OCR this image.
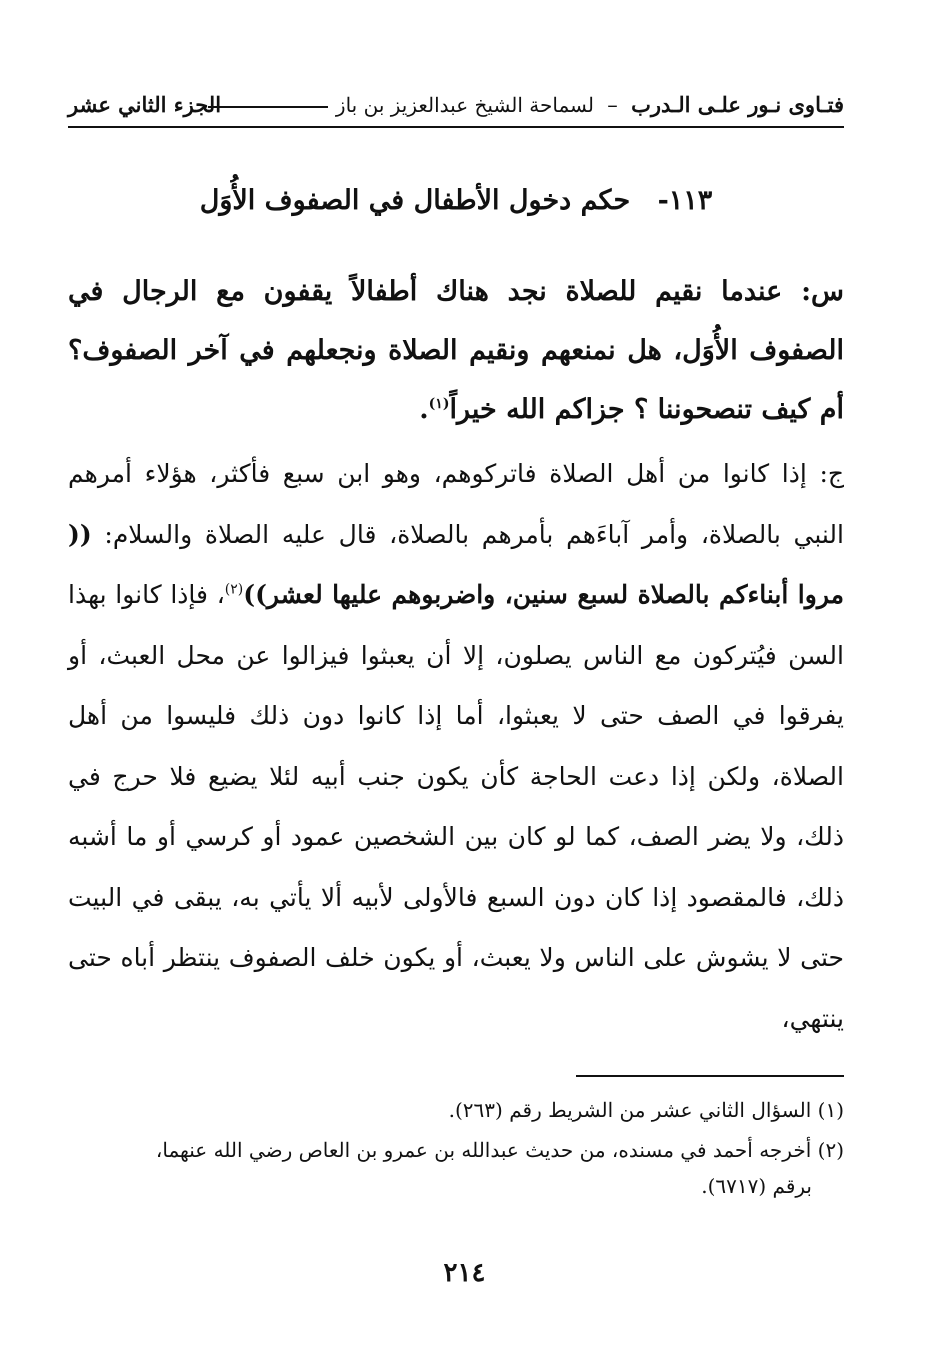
فتـاوى نـور علـى الـدرب – لسماحة الشيخ عبدالعزيز بن باز
الجزء الثاني عشر
١١٣- حكم دخول الأطفال في الصفوف الأُوَل
س: عندما نقيم للصلاة نجد هناك أطفالاً يقفون مع الرجال في الصفوف الأُوَل، هل نمنعهم ونقيم الصلاة ونجعلهم في آخر الصفوف؟ أم كيف تنصحوننا ؟ جزاكم الله خيراً$^{(١)}$.
ج: إذا كانوا من أهل الصلاة فاتركوهم، وهو ابن سبع فأكثر، هؤلاء أمرهم النبي بالصلاة، وأمر آباءَهم بأمرهم بالصلاة، قال عليه الصلاة والسلام: (( مروا أبناءكم بالصلاة لسبع سنين، واضربوهم عليها لعشر))$^{(٢)}$، فإذا كانوا بهذا السن فيُتركون مع الناس يصلون، إلا أن يعبثوا فيزالوا عن محل العبث، أو يفرقوا في الصف حتى لا يعبثوا، أما إذا كانوا دون ذلك فليسوا من أهل الصلاة، ولكن إذا دعت الحاجة كأن يكون جنب أبيه لئلا يضيع فلا حرج في ذلك، ولا يضر الصف، كما لو كان بين الشخصين عمود أو كرسي أو ما أشبه ذلك، فالمقصود إذا كان دون السبع فالأولى لأبيه ألا يأتي به، يبقى في البيت حتى لا يشوش على الناس ولا يعبث، أو يكون خلف الصفوف ينتظر أباه حتى ينتهي،
(١) السؤال الثاني عشر من الشريط رقم (٢٦٣).
(٢) أخرجه أحمد في مسنده، من حديث عبدالله بن عمرو بن العاص رضي الله عنهما،
برقم (٦٧١٧).
٢١٤
